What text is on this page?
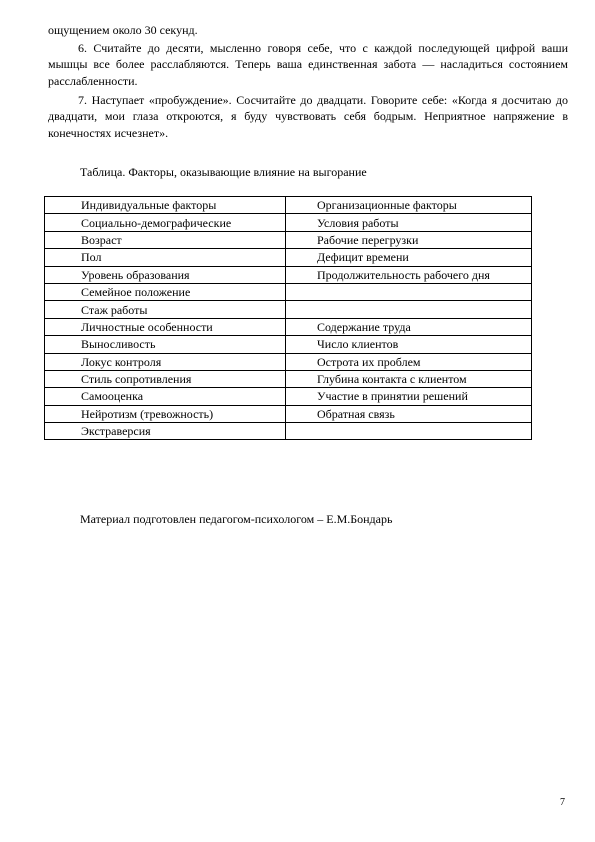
ощущением около 30 секунд.

6. Считайте до десяти, мысленно говоря себе, что с каждой последующей цифрой ваши мышцы все более расслабляются. Теперь ваша единственная забота — насладиться состоянием расслабленности.

7. Наступает «пробуждение». Сосчитайте до двадцати. Говорите себе: «Когда я досчитаю до двадцати, мои глаза откроются, я буду чувствовать себя бодрым. Неприятное напряжение в конечностях исчезнет».

Таблица. Факторы, оказывающие влияние на выгорание

Индивидуальные факторы	Организационные факторы
Социально-демографические	Условия работы
Возраст	Рабочие перегрузки
Пол	Дефицит времени
Уровень образования	Продолжительность рабочего дня
Семейное положение	
Стаж работы	
Личностные особенности	Содержание труда
Выносливость	Число клиентов
Локус контроля	Острота их проблем
Стиль сопротивления	Глубина контакта с клиентом
Самооценка	Участие в принятии решений
Нейротизм (тревожность)	Обратная связь
Экстраверсия	

Материал подготовлен педагогом-психологом – Е.М.Бондарь

7
